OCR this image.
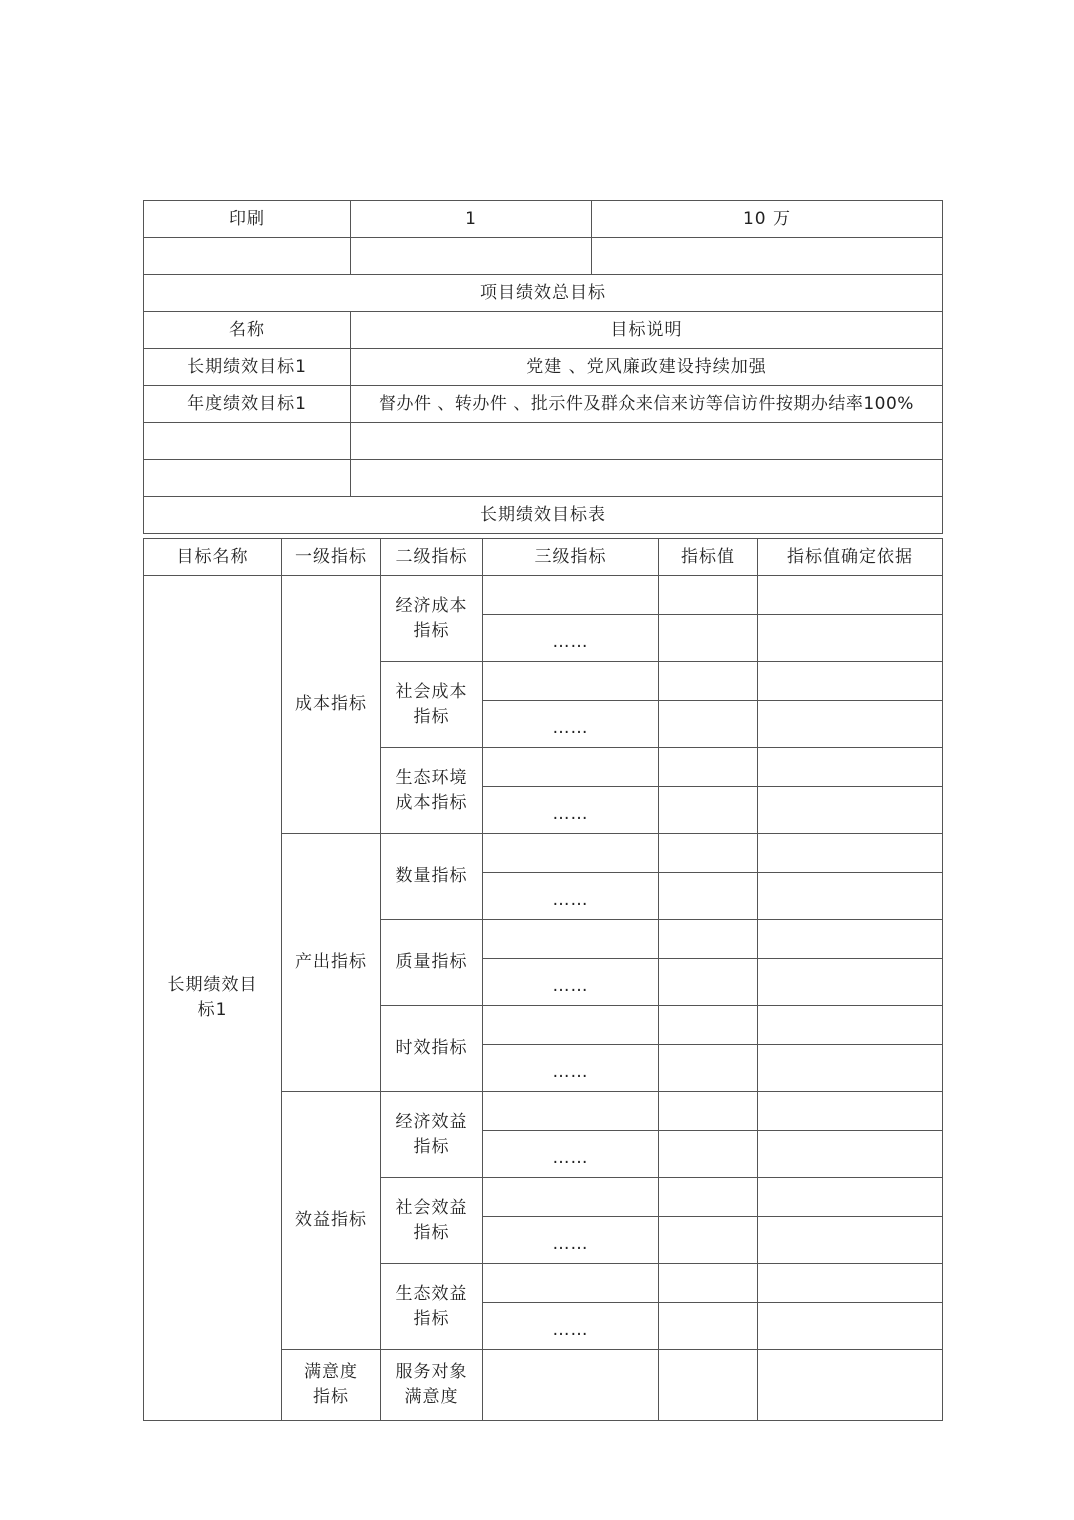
印刷	1	10 万

项目绩效总目标		
名称	目标说明	
长期绩效目标1	党建 、党风廉政建设持续加强	
年度绩效目标1	督办件 、转办件 、批示件及群众来信来访等信访件按期办结率100%	

长期绩效目标表		
目标名称	一级指标	二级指标	三级指标	指标值	指标值确定依据
长期绩效目标1	成本指标	经济成本指标			
			……		
		社会成本指标			
			……		
		生态环境成本指标			
			……		
	产出指标	数量指标			
			……		
		质量指标			
			……		
		时效指标			
			……		
	效益指标	经济效益指标			
			……		
		社会效益指标			
			……		
		生态效益指标			
			……		
	满意度指标	服务对象满意度			
